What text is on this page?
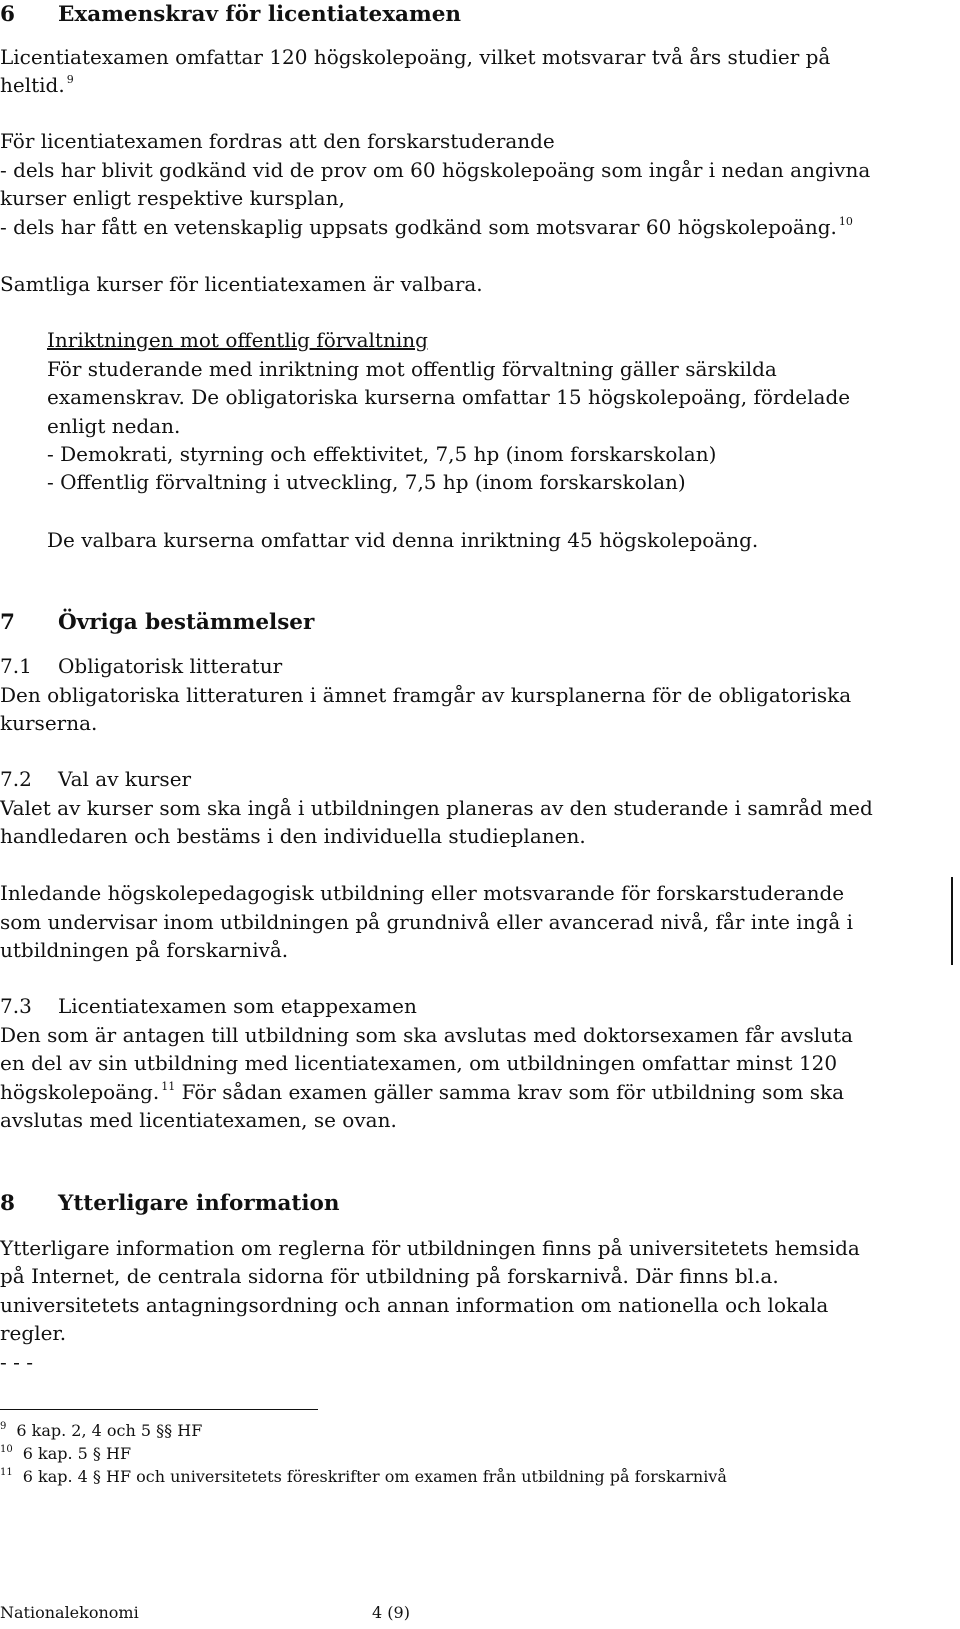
6 Examenskrav för licentiatexamen
Licentiatexamen omfattar 120 högskolepoäng, vilket motsvarar två års studier på
heltid. $^9$
För licentiatexamen fordras att den forskarstuderande
- dels har blivit godkänd vid de prov om 60 högskolepoäng som ingår i nedan angivna
kurser enligt respektive kursplan,
- dels har fått en vetenskaplig uppsats godkänd som motsvarar 60 högskolepoäng. $^{10}$
Samtliga kurser för licentiatexamen är valbara.
Inriktningen mot offentlig förvaltning
För studerande med inriktning mot offentlig förvaltning gäller särskilda
examenskrav. De obligatoriska kurserna omfattar 15 högskolepoäng, fördelade
enligt nedan.
- Demokrati, styrning och effektivitet, 7,5 hp (inom forskarskolan)
- Offentlig förvaltning i utveckling, 7,5 hp (inom forskarskolan)
De valbara kurserna omfattar vid denna inriktning 45 högskolepoäng.
7 Övriga bestämmelser
7.1 Obligatorisk litteratur
Den obligatoriska litteraturen i ämnet framgår av kursplanerna för de obligatoriska
kurserna.
7.2 Val av kurser
Valet av kurser som ska ingå i utbildningen planeras av den studerande i samråd med
handledaren och bestäms i den individuella studieplanen.
Inledande högskolepedagogisk utbildning eller motsvarande för forskarstuderande
som undervisar inom utbildningen på grundnivå eller avancerad nivå, får inte ingå i
utbildningen på forskarnivå.
7.3 Licentiatexamen som etappexamen
Den som är antagen till utbildning som ska avslutas med doktorsexamen får avsluta
en del av sin utbildning med licentiatexamen, om utbildningen omfattar minst 120
högskolepoäng. $^{11}$ För sådan examen gäller samma krav som för utbildning som ska
avslutas med licentiatexamen, se ovan.
8 Ytterligare information
Ytterligare information om reglerna för utbildningen finns på universitetets hemsida
på Internet, de centrala sidorna för utbildning på forskarnivå. Där finns bl.a.
universitetets antagningsordning och annan information om nationella och lokala
regler.
- - -
$^9$ 6 kap. 2, 4 och 5 §§ HF
$^{10}$ 6 kap. 5 § HF
$^{11}$ 6 kap. 4 § HF och universitetets föreskrifter om examen från utbildning på forskarnivå
Nationalekonomi	4 (9)
